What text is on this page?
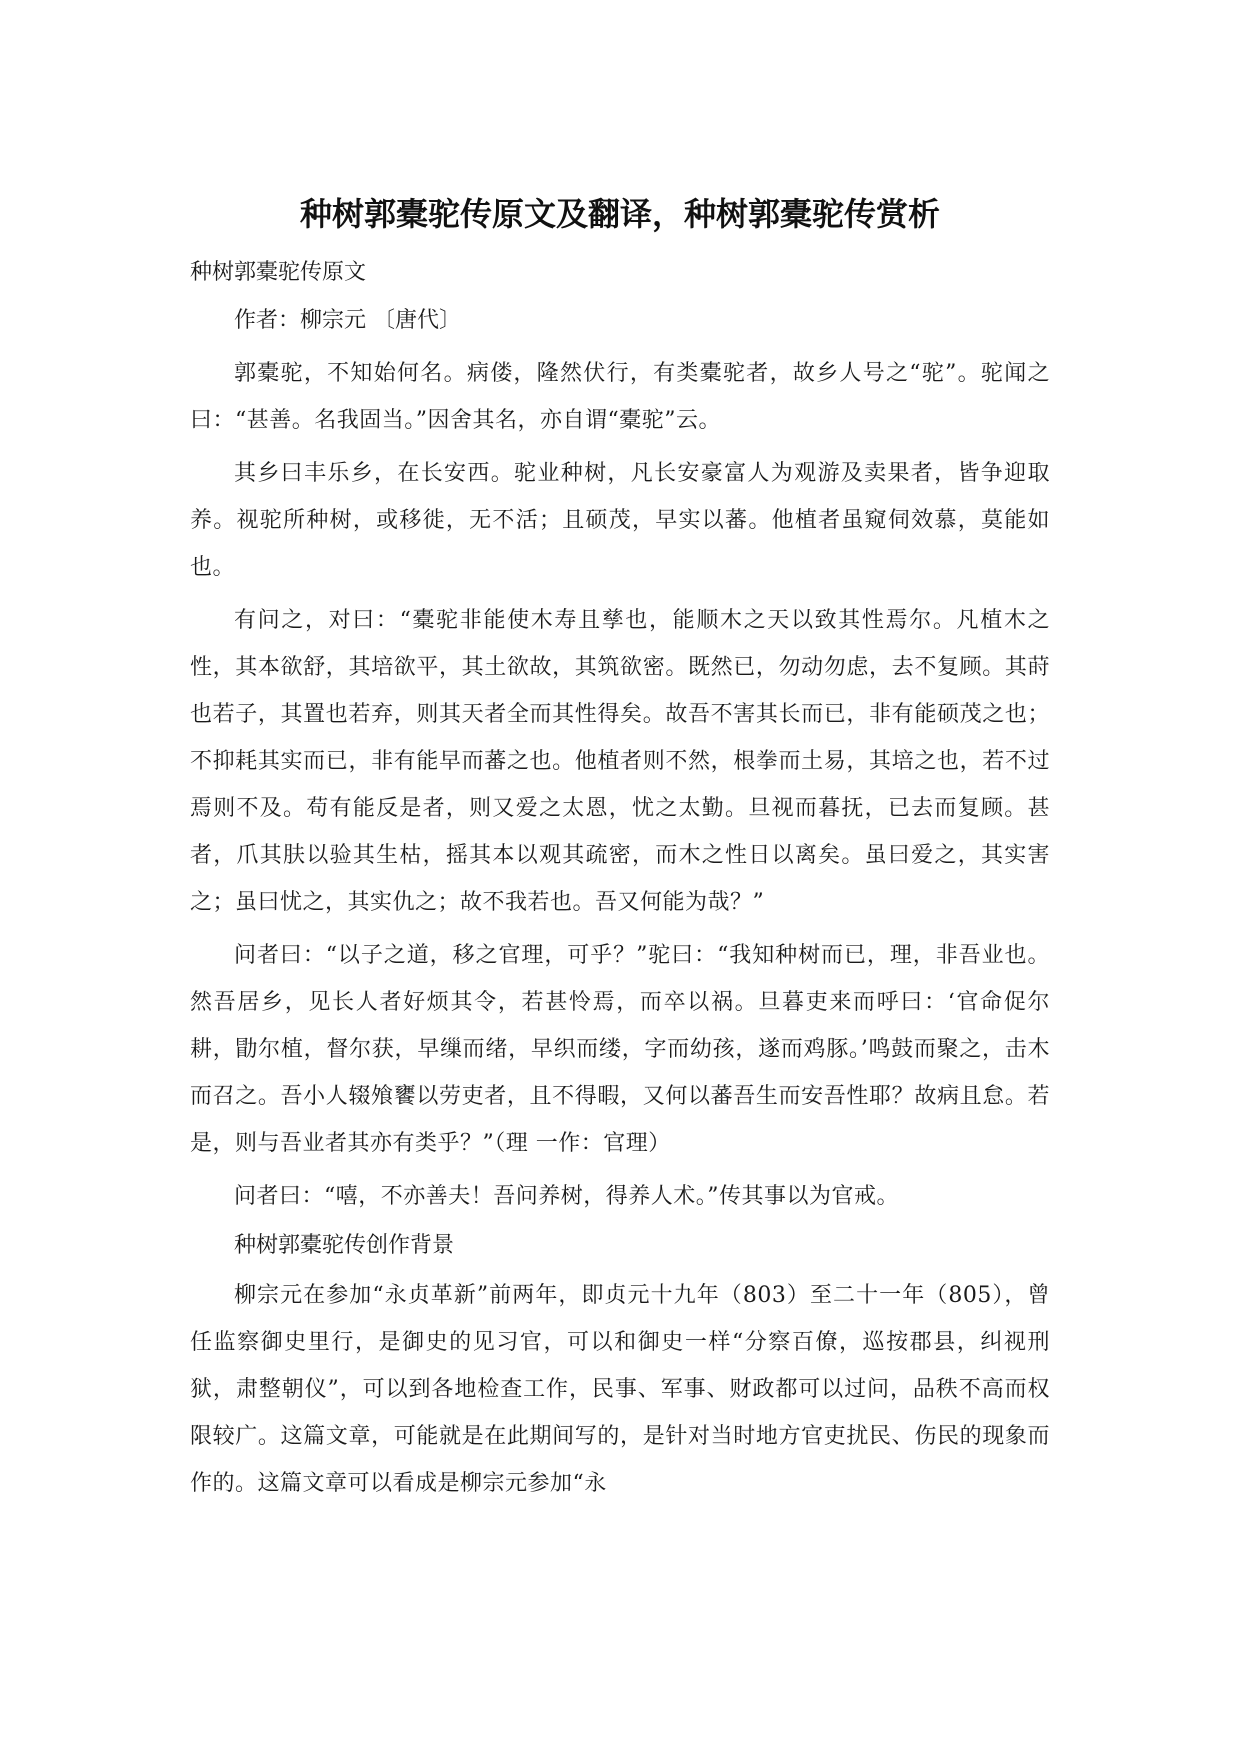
种树郭橐驼传原文及翻译，种树郭橐驼传赏析
种树郭橐驼传原文
作者：柳宗元 〔唐代〕

郭橐驼，不知始何名。病偻，隆然伏行，有类橐驼者，故乡人号之“驼”。驼闻之曰：“甚善。名我固当。”因舍其名，亦自谓“橐驼”云。

其乡曰丰乐乡，在长安西。驼业种树，凡长安豪富人为观游及卖果者，皆争迎取养。视驼所种树，或移徙，无不活；且硕茂，早实以蕃。他植者虽窥伺效慕，莫能如也。

有问之，对曰：“橐驼非能使木寿且孳也，能顺木之天以致其性焉尔。凡植木之性，其本欲舒，其培欲平，其土欲故，其筑欲密。既然已，勿动勿虑，去不复顾。其莳也若子，其置也若弃，则其天者全而其性得矣。故吾不害其长而已，非有能硕茂之也；不抑耗其实而已，非有能早而蕃之也。他植者则不然，根拳而土易，其培之也，若不过焉则不及。苟有能反是者，则又爱之太恩，忧之太勤。旦视而暮抚，已去而复顾。甚者，爪其肤以验其生枯，摇其本以观其疏密，而木之性日以离矣。虽曰爱之，其实害之；虽曰忧之，其实仇之；故不我若也。吾又何能为哉？”

问者曰：“以子之道，移之官理，可乎？”驼曰：“我知种树而已，理，非吾业也。然吾居乡，见长人者好烦其令，若甚怜焉，而卒以祸。旦暮吏来而呼曰：‘官命促尔耕，勖尔植，督尔获，早缫而绪，早织而缕，字而幼孩，遂而鸡豚。’鸣鼓而聚之，击木而召之。吾小人辍飧饔以劳吏者，且不得暇，又何以蕃吾生而安吾性耶？故病且怠。若是，则与吾业者其亦有类乎？”（理 一作：官理）

问者曰：“嘻，不亦善夫！吾问养树，得养人术。”传其事以为官戒。

种树郭橐驼传创作背景

柳宗元在参加“永贞革新”前两年，即贞元十九年（803）至二十一年（805），曾任监察御史里行，是御史的见习官，可以和御史一样“分察百僚，巡按郡县，纠视刑狱，肃整朝仪”，可以到各地检查工作，民事、军事、财政都可以过问，品秩不高而权限较广。这篇文章，可能就是在此期间写的，是针对当时地方官吏扰民、伤民的现象而作的。这篇文章可以看成是柳宗元参加“永
